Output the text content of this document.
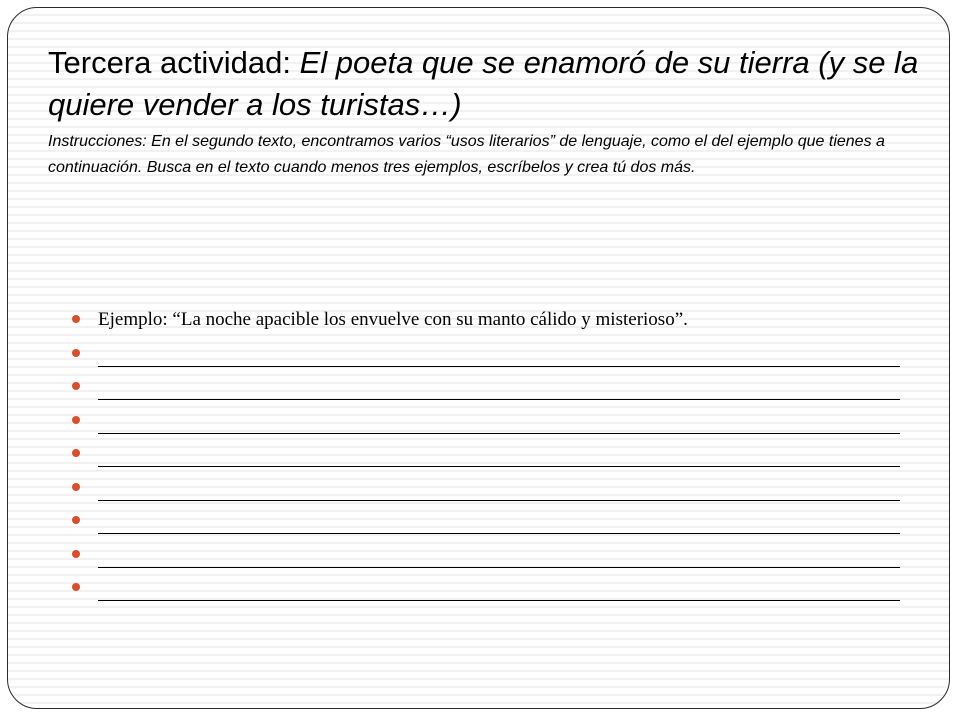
Tercera actividad: El poeta que se enamoró de su tierra (y se la quiere vender a los turistas…)

Instrucciones: En el segundo texto, encontramos varios “usos literarios” de lenguaje, como el del ejemplo que tienes a continuación. Busca en el texto cuando menos tres ejemplos, escríbelos y crea tú dos más.

Ejemplo: “La noche apacible los envuelve con su manto cálido y misterioso”.
